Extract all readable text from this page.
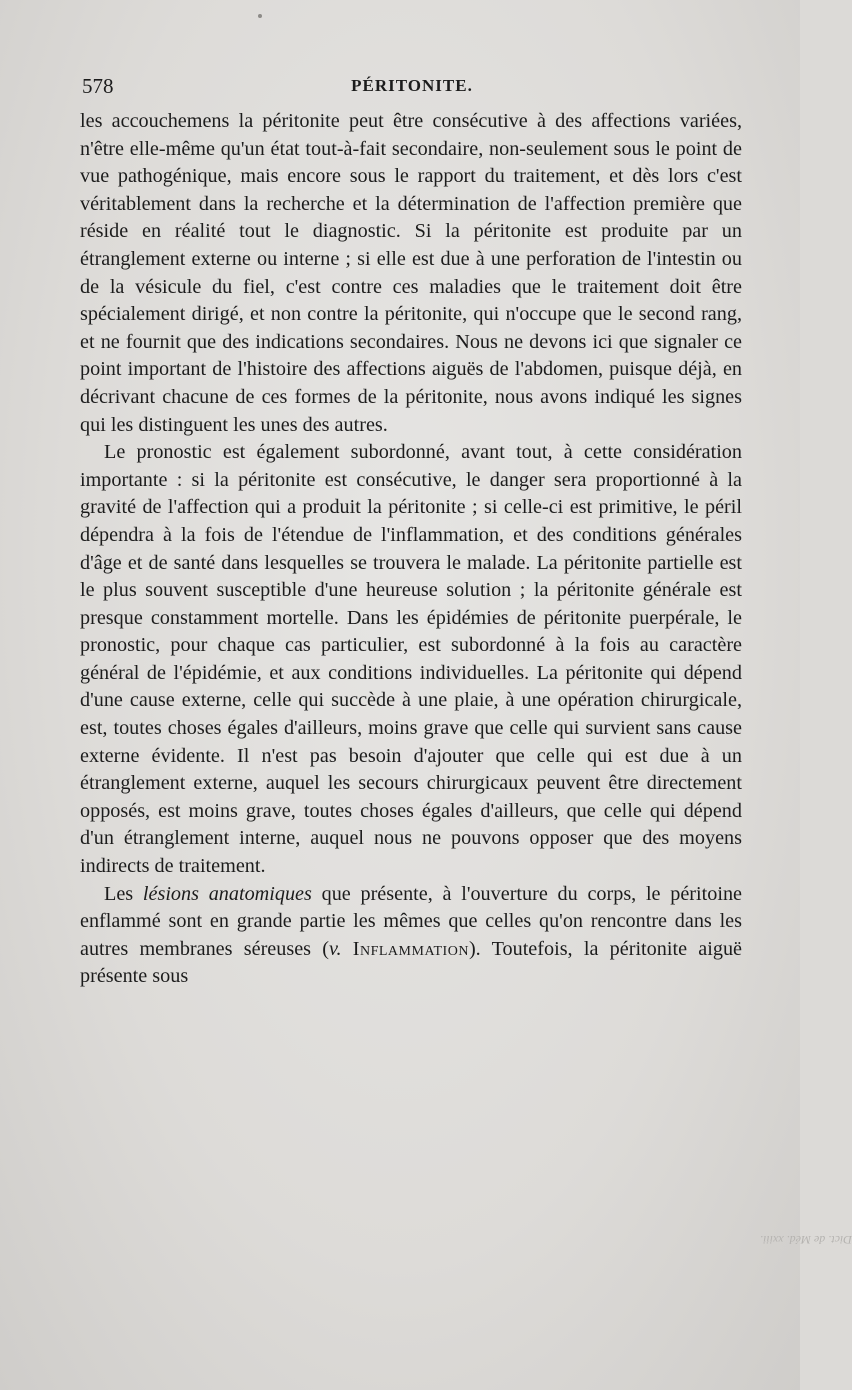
578	PÉRITONITE.

les accouchemens la péritonite peut être consécutive à des affections variées, n'être elle-même qu'un état tout-à-fait secondaire, non-seulement sous le point de vue pathogénique, mais encore sous le rapport du traitement, et dès lors c'est véritablement dans la recherche et la détermination de l'affection première que réside en réalité tout le diagnostic. Si la péritonite est produite par un étranglement externe ou interne ; si elle est due à une perforation de l'intestin ou de la vésicule du fiel, c'est contre ces maladies que le traitement doit être spécialement dirigé, et non contre la péritonite, qui n'occupe que le second rang, et ne fournit que des indications secondaires. Nous ne devons ici que signaler ce point important de l'histoire des affections aiguës de l'abdomen, puisque déjà, en décrivant chacune de ces formes de la péritonite, nous avons indiqué les signes qui les distinguent les unes des autres.

Le pronostic est également subordonné, avant tout, à cette considération importante : si la péritonite est consécutive, le danger sera proportionné à la gravité de l'affection qui a produit la péritonite ; si celle-ci est primitive, le péril dépendra à la fois de l'étendue de l'inflammation, et des conditions générales d'âge et de santé dans lesquelles se trouvera le malade. La péritonite partielle est le plus souvent susceptible d'une heureuse solution ; la péritonite générale est presque constamment mortelle. Dans les épidémies de péritonite puerpérale, le pronostic, pour chaque cas particulier, est subordonné à la fois au caractère général de l'épidémie, et aux conditions individuelles. La péritonite qui dépend d'une cause externe, celle qui succède à une plaie, à une opération chirurgicale, est, toutes choses égales d'ailleurs, moins grave que celle qui survient sans cause externe évidente. Il n'est pas besoin d'ajouter que celle qui est due à un étranglement externe, auquel les secours chirurgicaux peuvent être directement opposés, est moins grave, toutes choses égales d'ailleurs, que celle qui dépend d'un étranglement interne, auquel nous ne pouvons opposer que des moyens indirects de traitement.

Les lésions anatomiques que présente, à l'ouverture du corps, le péritoine enflammé sont en grande partie les mêmes que celles qu'on rencontre dans les autres membranes séreuses (v. Inflammation). Toutefois, la péritonite aiguë présente sous

Dict. de Méd. xxiii.
